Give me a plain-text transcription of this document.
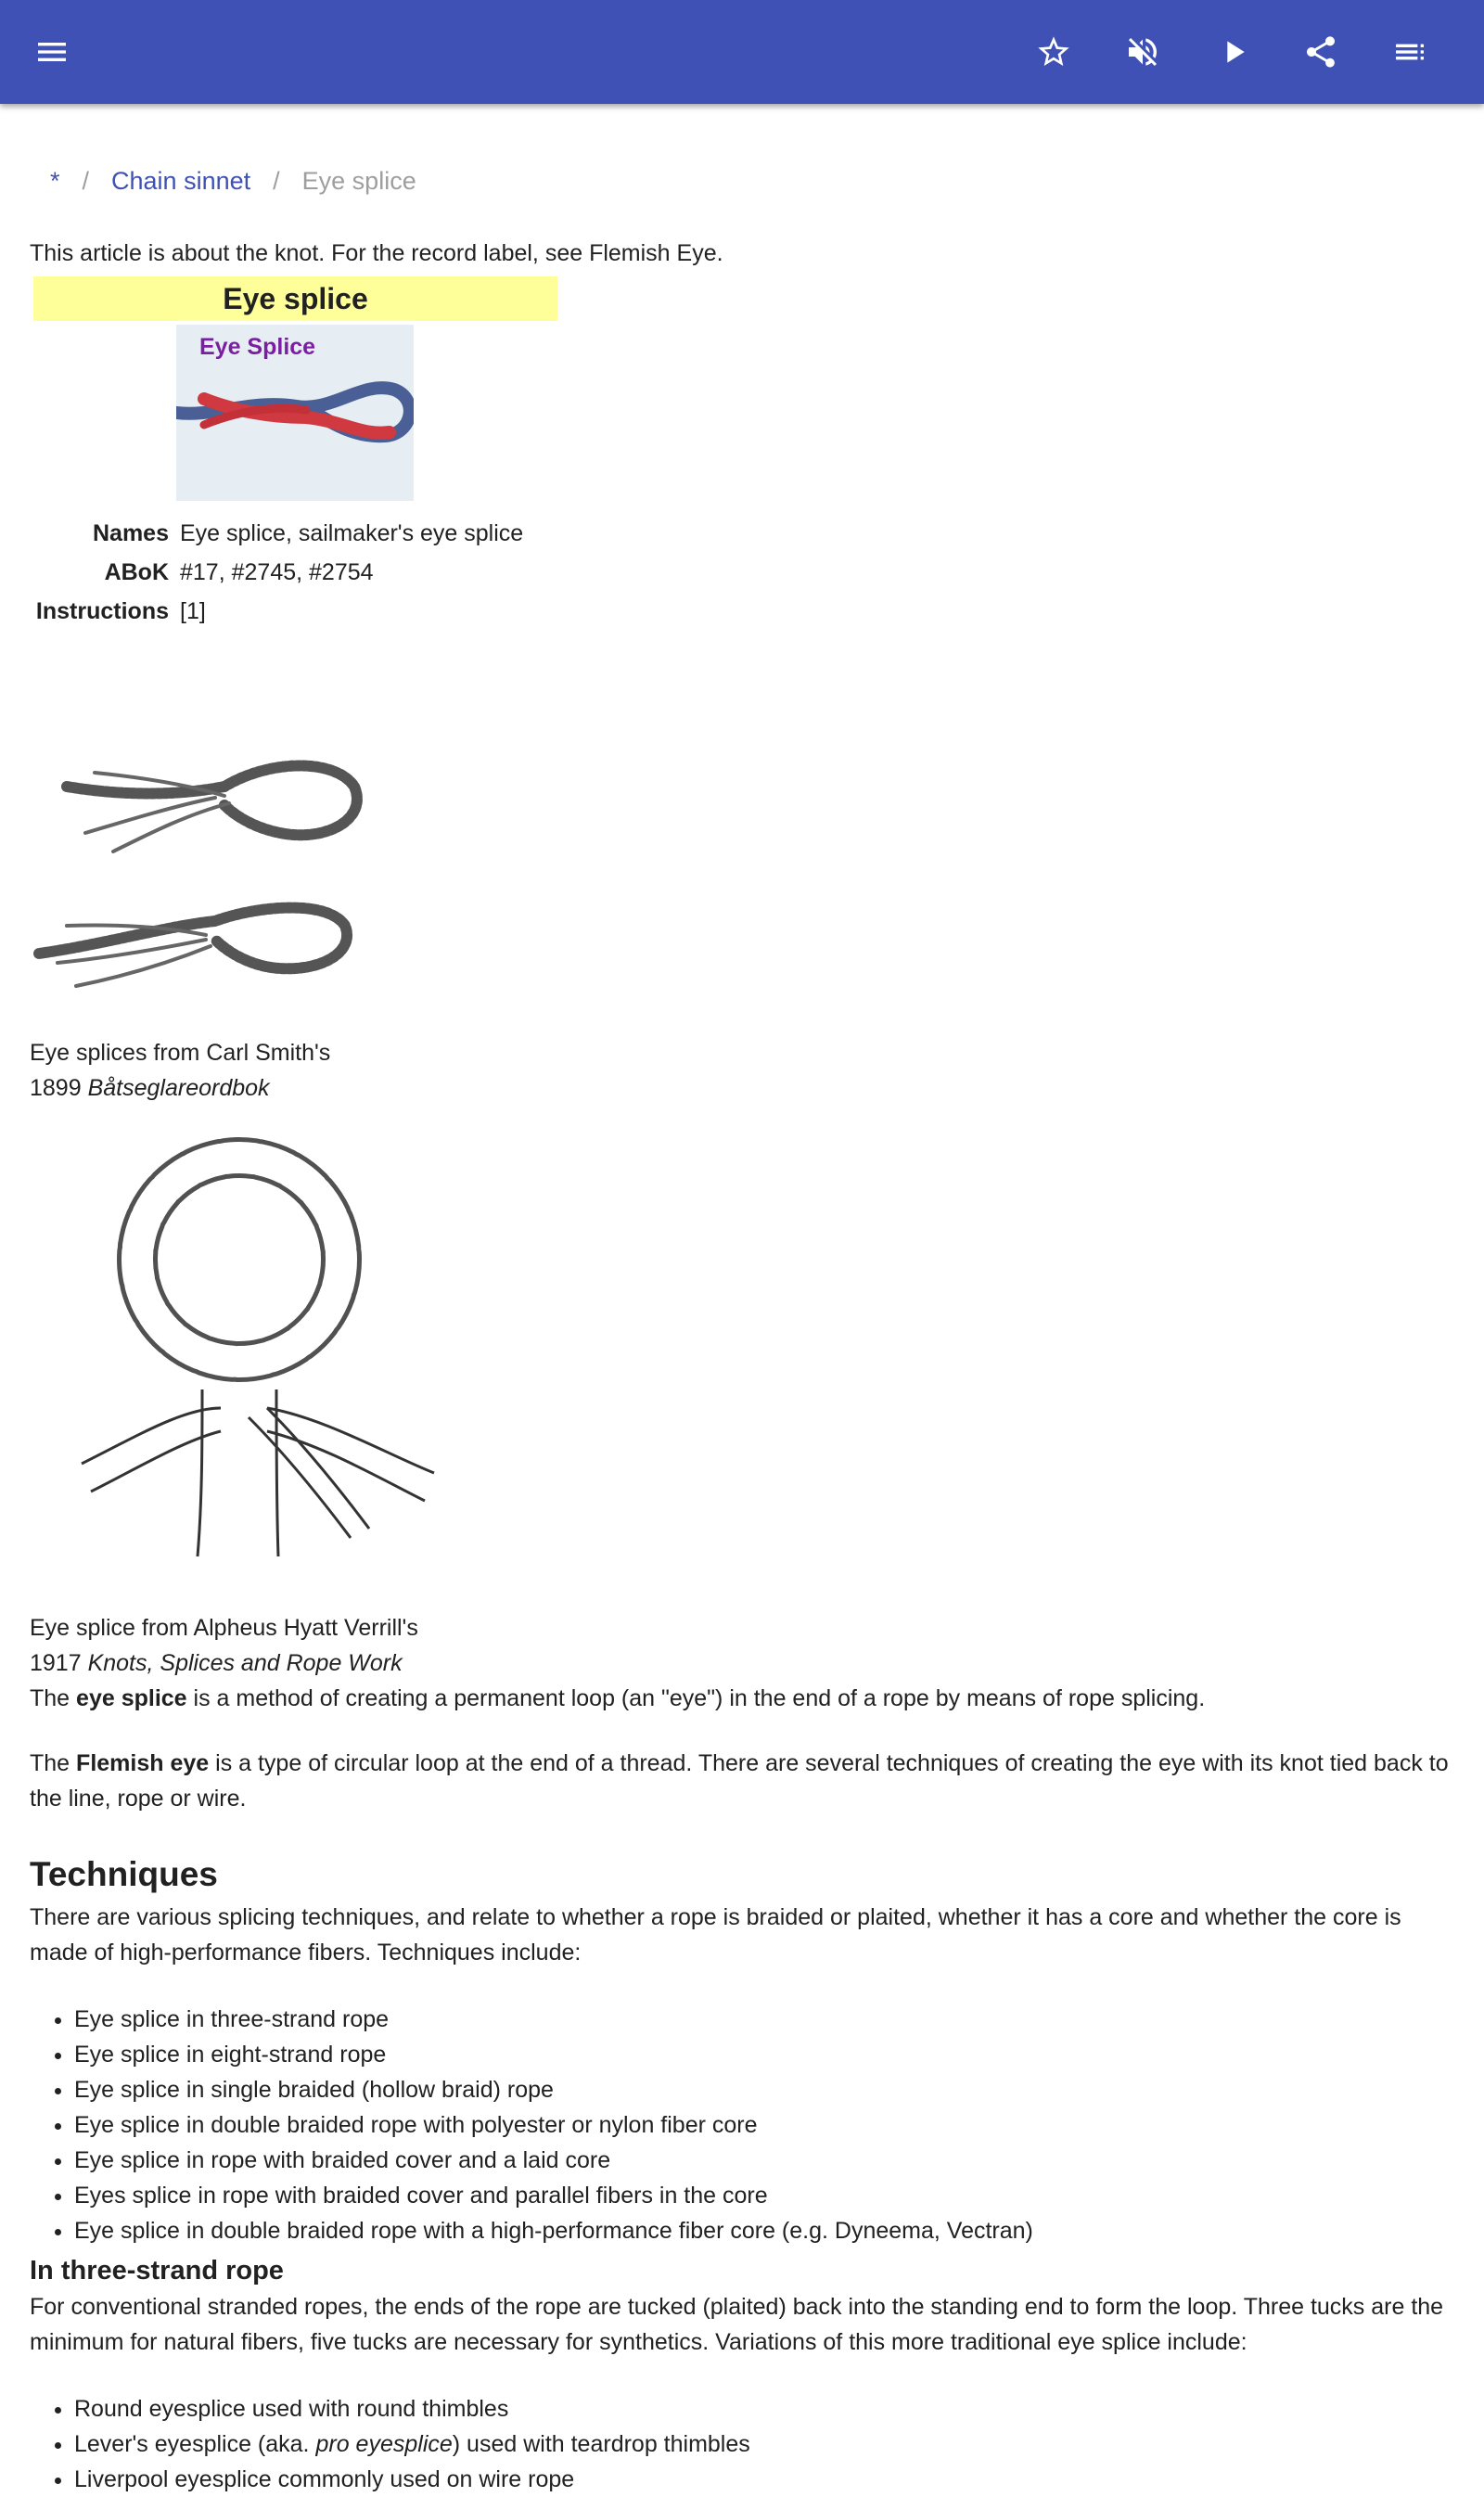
* / Chain sinnet / Eye splice
This article is about the knot. For the record label, see Flemish Eye.
Eye splice
Eye Splice
Names	Eye splice, sailmaker's eye splice
ABoK	#17, #2745, #2754
Instructions	[1]
Eye splices from Carl Smith's
1899 Båtseglareordbok
Eye splice from Alpheus Hyatt Verrill's
1917 Knots, Splices and Rope Work

The eye splice is a method of creating a permanent loop (an "eye") in the end of a rope by means of rope splicing.

The Flemish eye is a type of circular loop at the end of a thread. There are several techniques of creating the eye with its knot tied back to the line, rope or wire.

Techniques

There are various splicing techniques, and relate to whether a rope is braided or plaited, whether it has a core and whether the core is made of high-performance fibers. Techniques include:

• Eye splice in three-strand rope
• Eye splice in eight-strand rope
• Eye splice in single braided (hollow braid) rope
• Eye splice in double braided rope with polyester or nylon fiber core
• Eye splice in rope with braided cover and a laid core
• Eyes splice in rope with braided cover and parallel fibers in the core
• Eye splice in double braided rope with a high-performance fiber core (e.g. Dyneema, Vectran)
In three-strand rope

For conventional stranded ropes, the ends of the rope are tucked (plaited) back into the standing end to form the loop. Three tucks are the minimum for natural fibers, five tucks are necessary for synthetics. Variations of this more traditional eye splice include:

• Round eyesplice used with round thimbles
• Lever's eyesplice (aka. pro eyesplice) used with teardrop thimbles
• Liverpool eyesplice commonly used on wire rope
